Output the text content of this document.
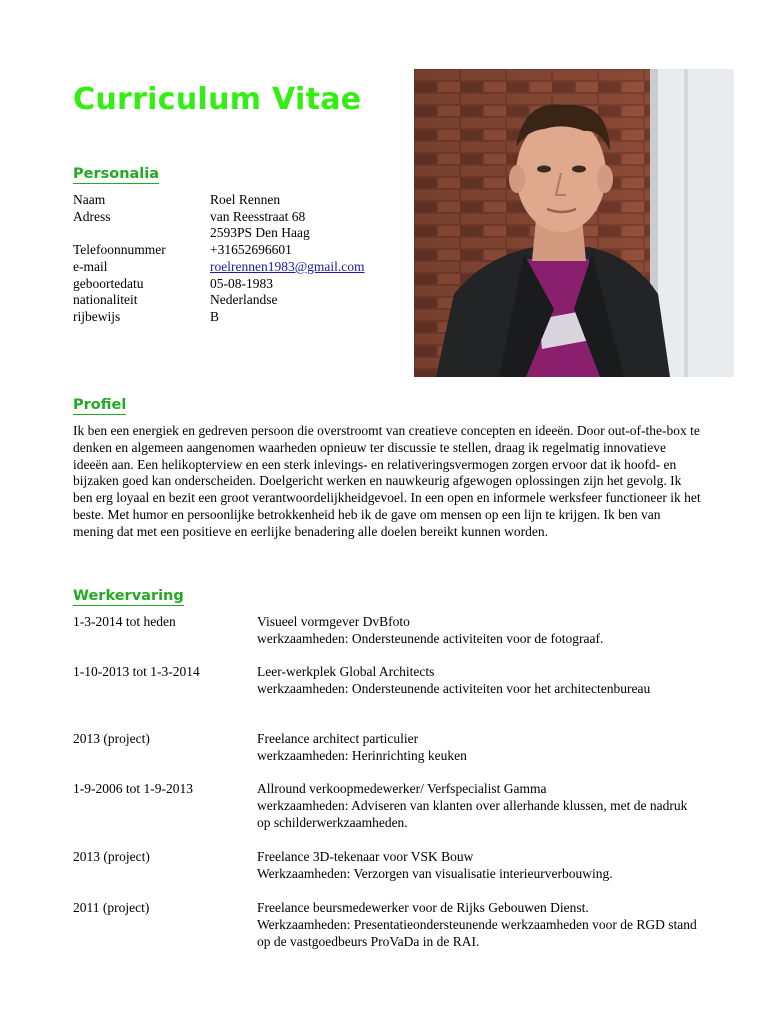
Curriculum Vitae
Personalia
Naam	Roel Rennen
Adress	van Reesstraat 68
2593PS Den Haag
Telefoonnummer	+31652696601
e-mail	roelrennen1983@gmail.com
geboortedatu	05-08-1983
nationaliteit	Nederlandse
rijbewijs	B
Profiel

Ik ben een energiek en gedreven persoon die overstroomt van creatieve concepten en ideeën. Door out-of-the-box te denken en algemeen aangenomen waarheden opnieuw ter discussie te stellen, draag ik regelmatig innovatieve ideeën aan. Een helikopterview en een sterk inlevings- en relativeringsvermogen zorgen ervoor dat ik hoofd- en bijzaken goed kan onderscheiden. Doelgericht werken en nauwkeurig afgewogen oplossingen zijn het gevolg. Ik ben erg loyaal en bezit een groot verantwoordelijkheidgevoel. In een open en informele werksfeer functioneer ik het beste. Met humor en persoonlijke betrokkenheid heb ik de gave om mensen op een lijn te krijgen. Ik ben van mening dat met een positieve en eerlijke benadering alle doelen bereikt kunnen worden.

Werkervaring
1-3-2014 tot heden	Visueel vormgever DvBfoto
werkzaamheden: Ondersteunende activiteiten voor de fotograaf.
1-10-2013 tot 1-3-2014	Leer-werkplek Global Architects
werkzaamheden: Ondersteunende activiteiten voor het architectenbureau
2013 (project)	Freelance architect particulier
werkzaamheden: Herinrichting keuken
1-9-2006 tot 1-9-2013	Allround verkoopmedewerker/ Verfspecialist Gamma
werkzaamheden: Adviseren van klanten over allerhande klussen, met de nadruk op schilderwerkzaamheden.
2013 (project)	Freelance 3D-tekenaar voor VSK Bouw
Werkzaamheden: Verzorgen van visualisatie interieurverbouwing.
2011 (project)	Freelance beursmedewerker voor de Rijks Gebouwen Dienst.
Werkzaamheden: Presentatieondersteunende werkzaamheden voor de RGD stand op de vastgoedbeurs ProVaDa in de RAI.
